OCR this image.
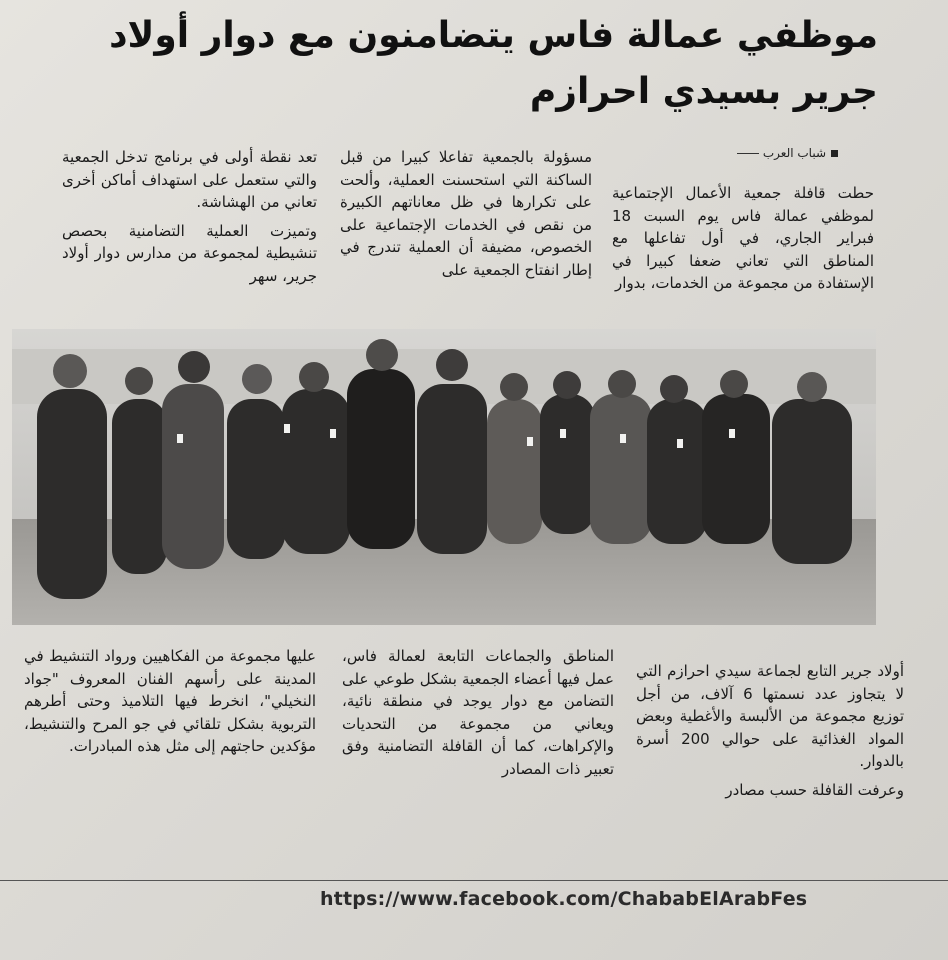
موظفي عمالة فاس يتضامنون مع دوار أولاد جرير بسيدي احرازم
شباب العرب

حطت قافلة جمعية الأعمال الإجتماعية لموظفي عمالة فاس يوم السبت 18 فبراير الجاري، في أول تفاعلها مع المناطق التي تعاني ضعفا كبيرا في الإستفادة من مجموعة من الخدمات، بدوار

مسؤولة بالجمعية تفاعلا كبيرا من قبل الساكنة التي استحسنت العملية، وألحت على تكرارها في ظل معاناتهم الكبيرة من نقص في الخدمات الإجتماعية على الخصوص، مضيفة أن العملية تندرج في إطار انفتاح الجمعية على

تعد نقطة أولى في برنامج تدخل الجمعية والتي ستعمل على استهداف أماكن أخرى تعاني من الهشاشة.

وتميزت العملية التضامنية بحصص تنشيطية لمجموعة من مدارس دوار أولاد جرير، سهر

أولاد جرير التابع لجماعة سيدي احرازم التي لا يتجاوز عدد نسمتها 6 آلاف، من أجل توزيع مجموعة من الألبسة والأغطية وبعض المواد الغذائية على حوالي 200 أسرة بالدوار.

وعرفت القافلة حسب مصادر

المناطق والجماعات التابعة لعمالة فاس، عمل فيها أعضاء الجمعية بشكل طوعي على التضامن مع دوار يوجد في منطقة نائية، ويعاني من مجموعة من التحديات والإكراهات، كما أن القافلة التضامنية وفق تعبير ذات المصادر

عليها مجموعة من الفكاهيين ورواد التنشيط في المدينة على رأسهم الفنان المعروف "جواد النخيلي"، انخرط فيها التلاميذ وحتى أطرهم التربوية بشكل تلقائي في جو المرح والتنشيط، مؤكدين حاجتهم إلى مثل هذه المبادرات.

https://www.facebook.com/ChababElArabFes
